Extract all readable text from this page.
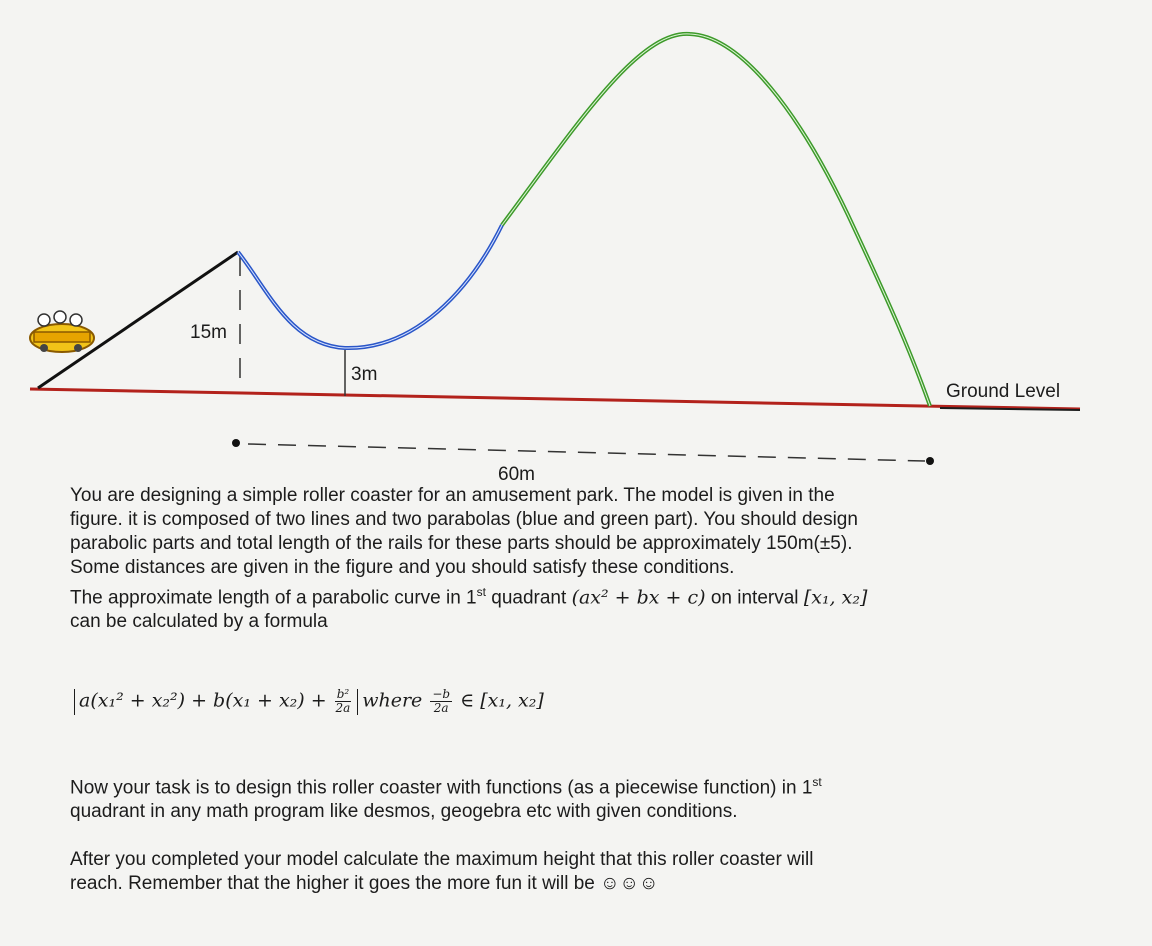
15m
3m
Ground Level
60m

You are designing a simple roller coaster for an amusement park. The model is given in the

figure. it is composed of two lines and two parabolas (blue and green part). You should design

parabolic parts and total length of the rails for these parts should be approximately 150m(±5).

Some distances are given in the figure and you should satisfy these conditions.

The approximate length of a parabolic curve in 1st quadrant (ax² + bx + c) on interval [x₁, x₂]

can be calculated by a formula

$a(x_1^2 + x_2^2) + b(x_1 + x_2) + \frac{\text{b²}}{2a}$ where $\frac{-b}{2a}$ ∈ [x₁, x₂]
Now your task is to design this roller coaster with functions (as a piecewise function) in 1st
quadrant in any math program like desmos, geogebra etc with given conditions.
After you completed your model calculate the maximum height that this roller coaster will
reach. Remember that the higher it goes the more fun it will be ☺☺☺
